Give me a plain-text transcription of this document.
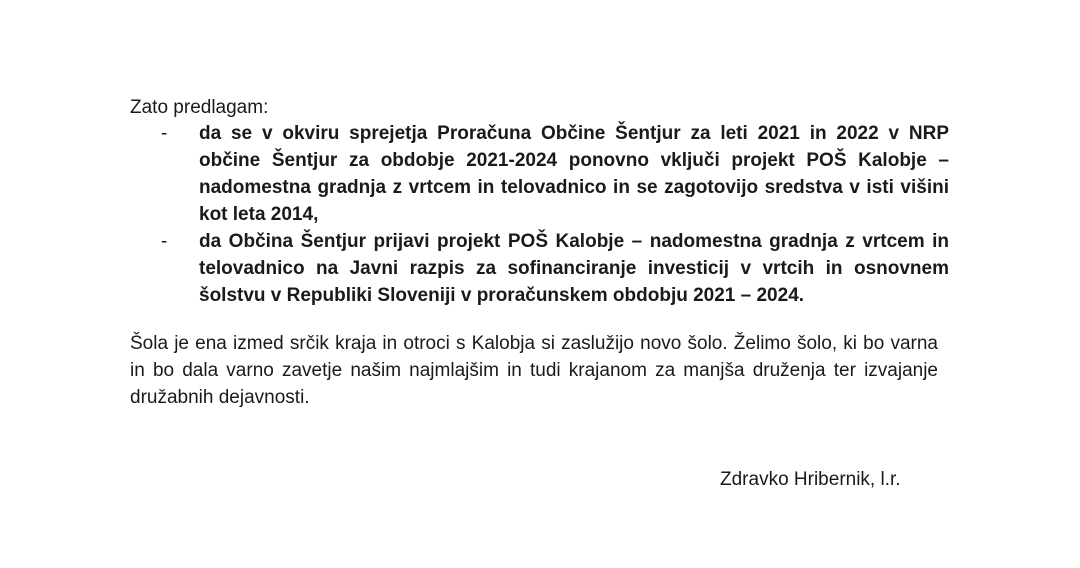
Zato predlagam:
- da se v okviru sprejetja Proračuna Občine Šentjur za leti 2021 in 2022 v NRP občine Šentjur za obdobje 2021-2024 ponovno vključi projekt POŠ Kalobje – nadomestna gradnja z vrtcem in telovadnico in se zagotovijo sredstva v isti višini kot leta 2014,
- da Občina Šentjur prijavi projekt POŠ Kalobje – nadomestna gradnja z vrtcem in telovadnico na Javni razpis za sofinanciranje investicij v vrtcih in osnovnem šolstvu v Republiki Sloveniji v proračunskem obdobju 2021 – 2024.

Šola je ena izmed srčik kraja in otroci s Kalobja si zaslužijo novo šolo. Želimo šolo, ki bo varna in bo dala varno zavetje našim najmlajšim in tudi krajanom za manjša druženja ter izvajanje družabnih dejavnosti.

Zdravko Hribernik, l.r.
